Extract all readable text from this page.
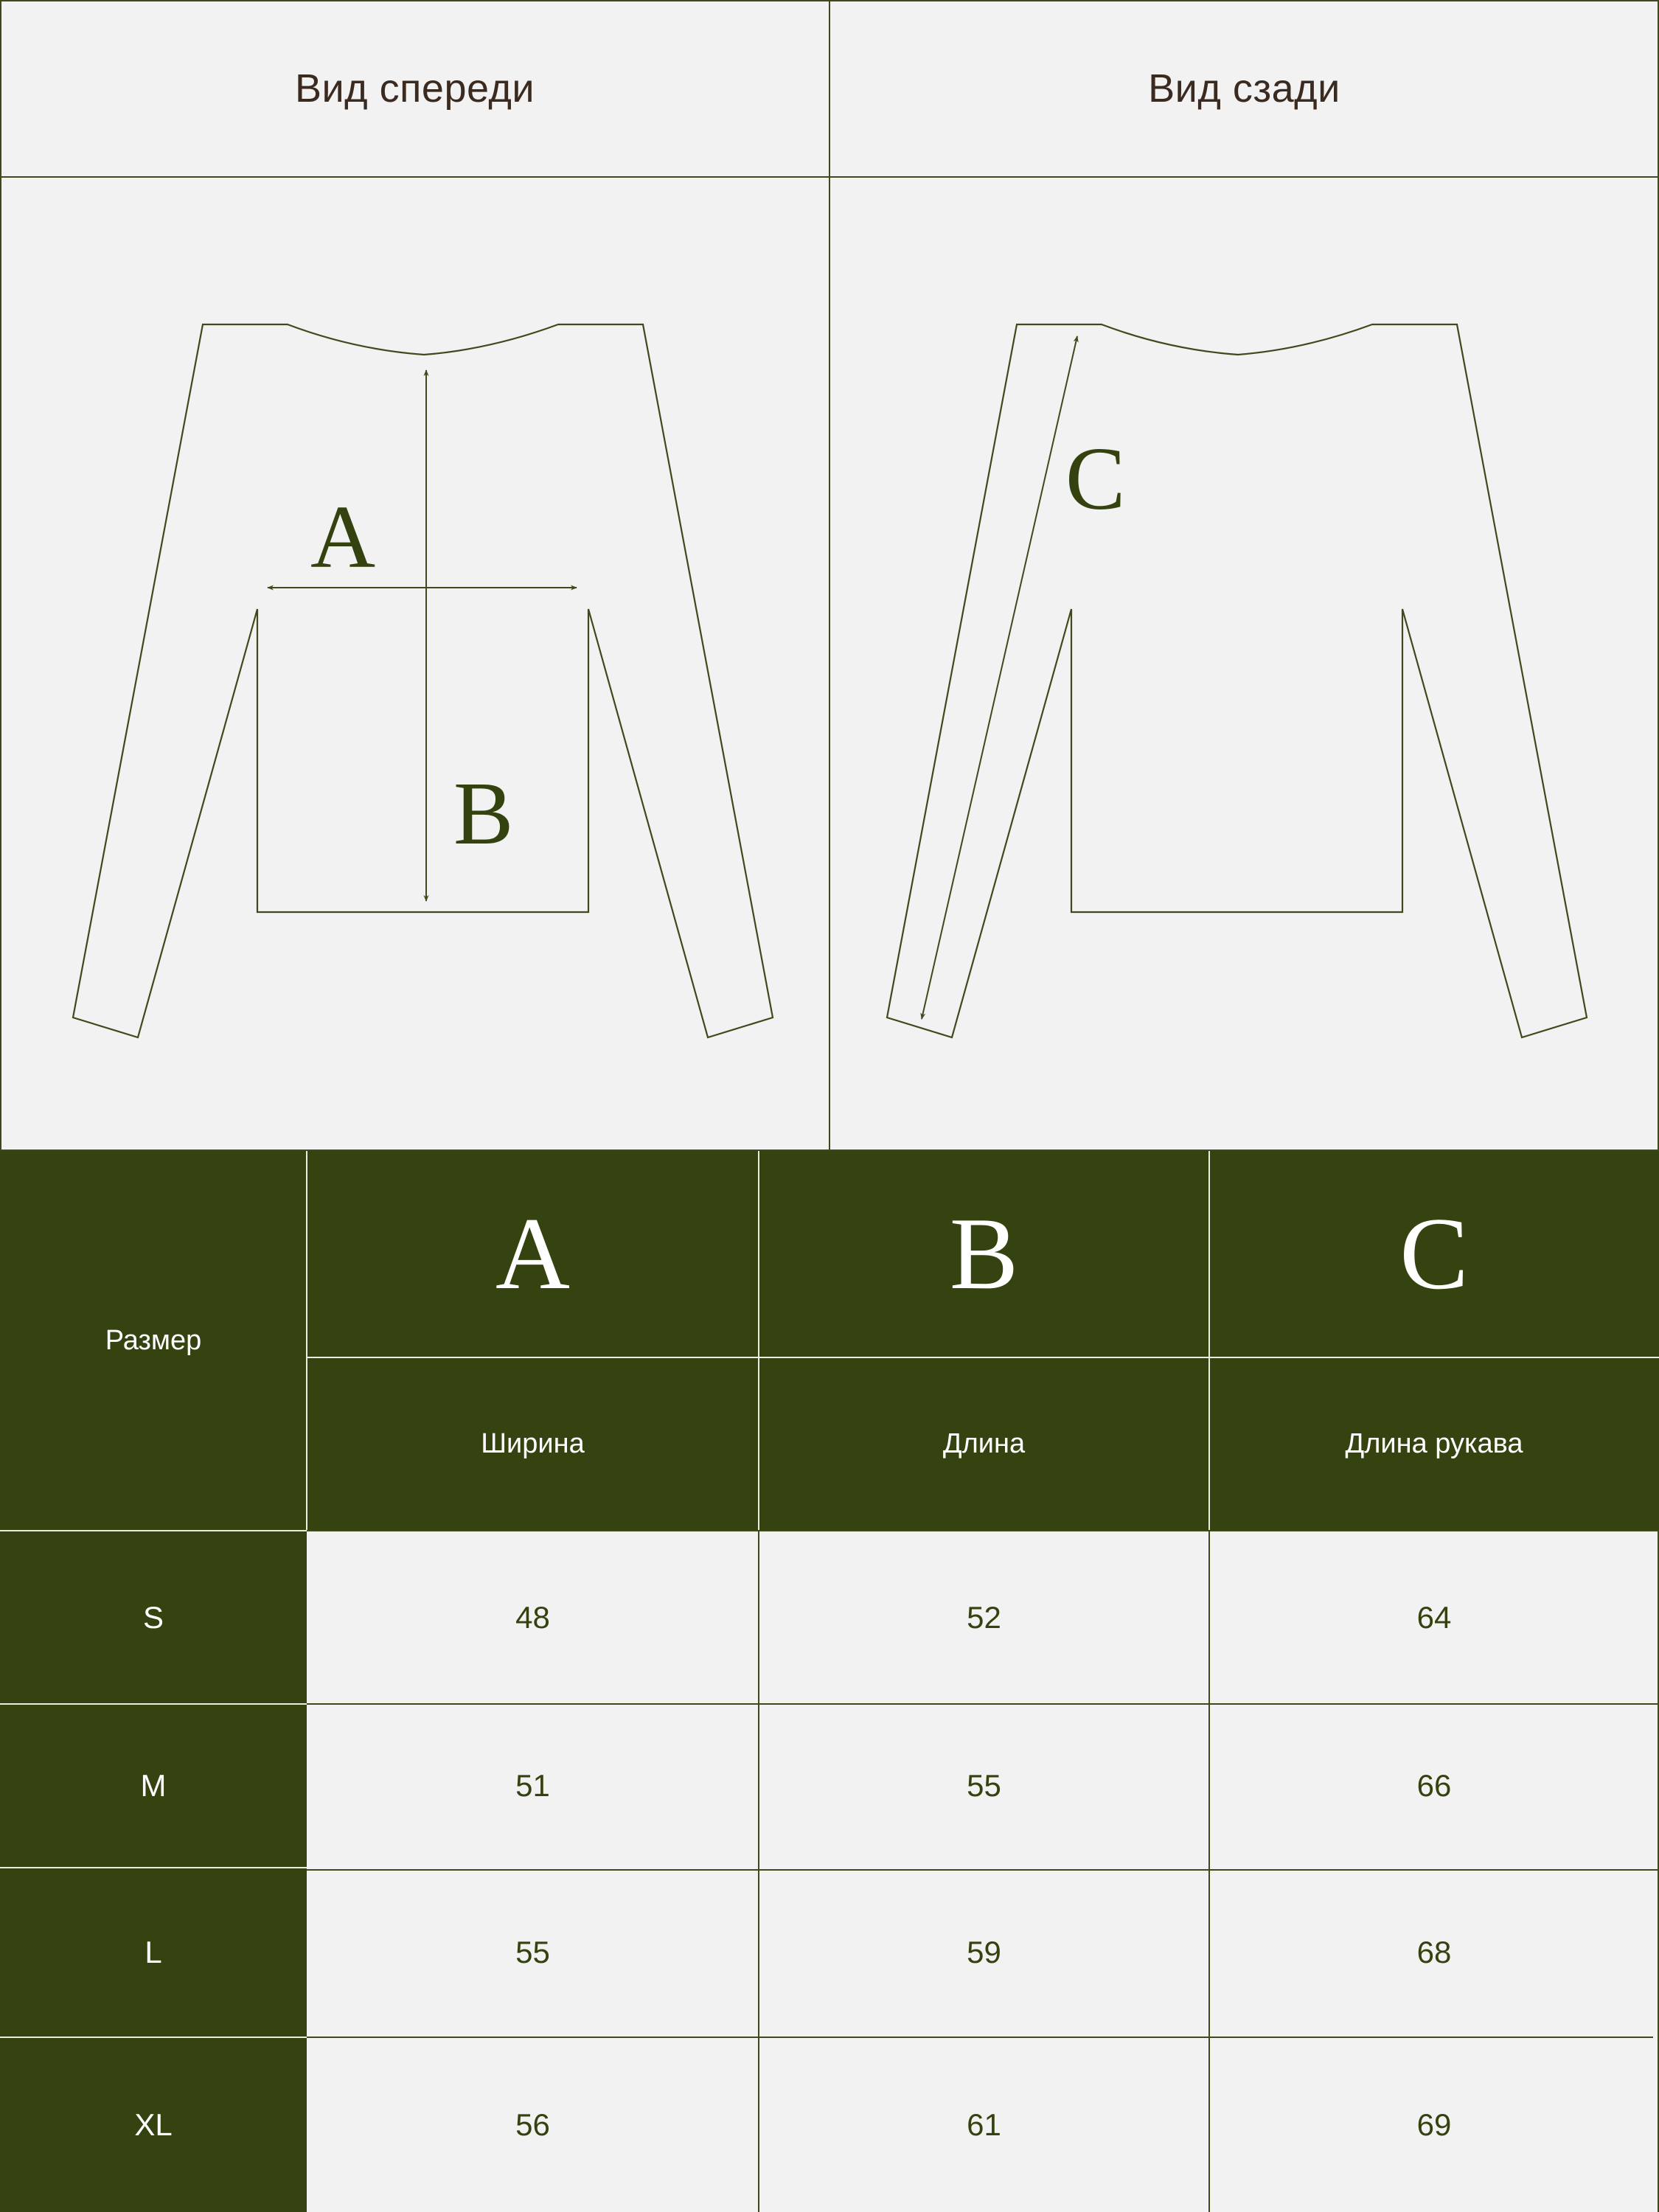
Вид спереди	Вид сзади
A
B
C
Размер
A	B	C
Ширина	Длина	Длина рукава
S	48	52	64
M	51	55	66
L	55	59	68
XL	56	61	69
